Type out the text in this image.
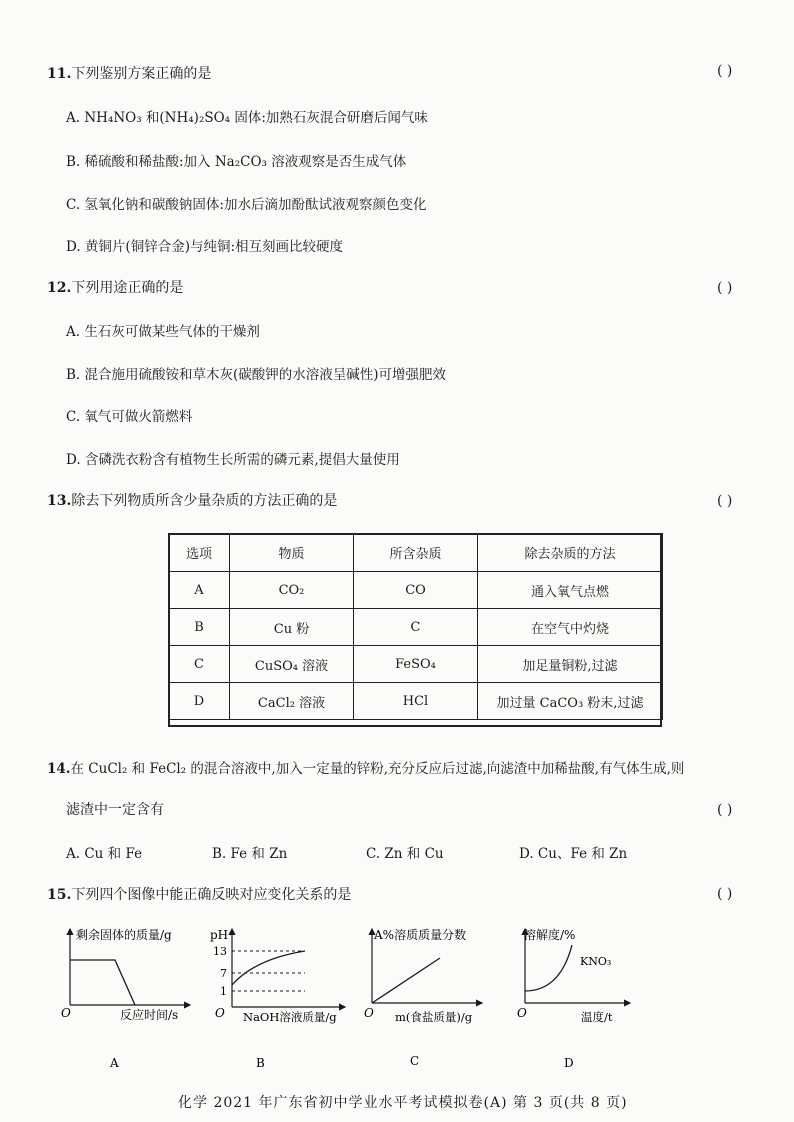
11.下列鉴别方案正确的是	( )
A. NH₄NO₃ 和(NH₄)₂SO₄ 固体:加熟石灰混合研磨后闻气味
B. 稀硫酸和稀盐酸:加入 Na₂CO₃ 溶液观察是否生成气体
C. 氢氧化钠和碳酸钠固体:加水后滴加酚酞试液观察颜色变化
D. 黄铜片(铜锌合金)与纯铜:相互刻画比较硬度
12.下列用途正确的是	( )
A. 生石灰可做某些气体的干燥剂
B. 混合施用硫酸铵和草木灰(碳酸钾的水溶液呈碱性)可增强肥效
C. 氧气可做火箭燃料
D. 含磷洗衣粉含有植物生长所需的磷元素,提倡大量使用
13.除去下列物质所含少量杂质的方法正确的是	( )
选项	物质	所含杂质	除去杂质的方法
A	CO₂	CO	通入氧气点燃
B	Cu 粉	C	在空气中灼烧
C	CuSO₄ 溶液	FeSO₄	加足量铜粉,过滤
D	CaCl₂ 溶液	HCl	加过量 CaCO₃ 粉末,过滤
14.在 CuCl₂ 和 FeCl₂ 的混合溶液中,加入一定量的锌粉,充分反应后过滤,向滤渣中加稀盐酸,有气体生成,则
滤渣中一定含有	( )
A. Cu 和 Fe	B. Fe 和 Zn	C. Zn 和 Cu	D. Cu、Fe 和 Zn
15.下列四个图像中能正确反映对应变化关系的是	( )
剩余固体的质量/g
反应时间/s
O
A
pH
13
7
1
NaOH溶液质量/g
O
B
A%溶质质量分数
m(食盐质量)/g
O
C
溶解度/%
KNO₃
温度/t
O
D
化学 2021 年广东省初中学业水平考试模拟卷(A) 第 3 页(共 8 页)
